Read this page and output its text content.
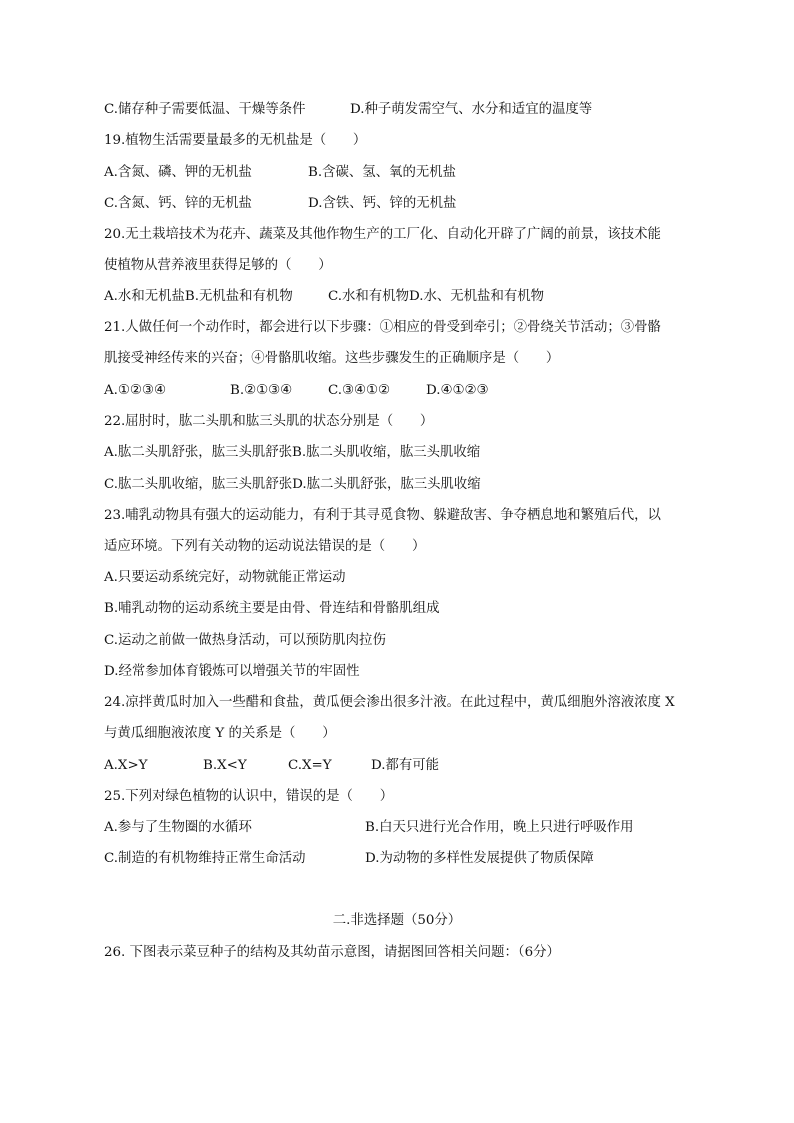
C.储存种子需要低温、干燥等条件	D.种子萌发需空气、水分和适宜的温度等
19.植物生活需要量最多的无机盐是（　　）
A.含氮、磷、钾的无机盐	B.含碳、氢、氧的无机盐
C.含氮、钙、锌的无机盐	D.含铁、钙、锌的无机盐
20.无土栽培技术为花卉、蔬菜及其他作物生产的工厂化、自动化开辟了广阔的前景，该技术能
使植物从营养液里获得足够的（　　）
A.水和无机盐B.无机盐和有机物	C.水和有机物D.水、无机盐和有机物
21.人做任何一个动作时，都会进行以下步骤：①相应的骨受到牵引；②骨绕关节活动；③骨骼
肌接受神经传来的兴奋；④骨骼肌收缩。这些步骤发生的正确顺序是（　　）
A.①②③④	B.②①③④	C.③④①②	D.④①②③
22.屈肘时，肱二头肌和肱三头肌的状态分别是（　　）
A.肱二头肌舒张，肱三头肌舒张B.肱二头肌收缩，肱三头肌收缩
C.肱二头肌收缩，肱三头肌舒张D.肱二头肌舒张，肱三头肌收缩
23.哺乳动物具有强大的运动能力，有利于其寻觅食物、躲避敌害、争夺栖息地和繁殖后代，以
适应环境。下列有关动物的运动说法错误的是（　　）
A.只要运动系统完好，动物就能正常运动
B.哺乳动物的运动系统主要是由骨、骨连结和骨骼肌组成
C.运动之前做一做热身活动，可以预防肌肉拉伤
D.经常参加体育锻炼可以增强关节的牢固性
24.凉拌黄瓜时加入一些醋和食盐，黄瓜便会渗出很多汁液。在此过程中，黄瓜细胞外溶液浓度 X
与黄瓜细胞液浓度 Y 的关系是（　　）
A.X>Y	B.X<Y	C.X=Y	D.都有可能
25.下列对绿色植物的认识中，错误的是（　　）
A.参与了生物圈的水循环	B.白天只进行光合作用，晚上只进行呼吸作用
C.制造的有机物维持正常生命活动	D.为动物的多样性发展提供了物质保障
二.非选择题（50分）
26. 下图表示菜豆种子的结构及其幼苗示意图，请据图回答相关问题：（6分）
